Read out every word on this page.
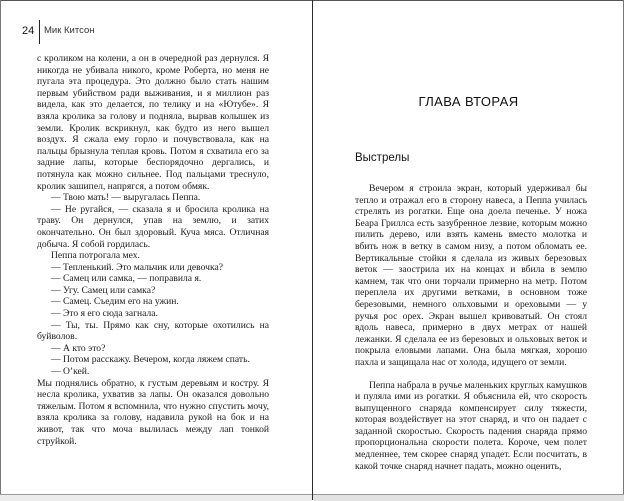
24 Мик Китсон

с кроликом на колени, а он в очередной раз дернулся. Я никогда не убивала никого, кроме Роберта, но меня не пугала эта процедура. Это должно было стать нашим первым убийством ради выживания, и я миллион раз видела, как это делается, по телику и на «Ютубе». Я взяла кролика за голову и подняла, вырвав колышек из земли. Кролик вскрикнул, как будто из него вышел воздух. Я сжала ему горло и почувствовала, как на пальцы брызнула теплая кровь. Потом я схватила его за задние лапы, которые беспорядочно дергались, и потянула как можно сильнее. Под пальцами треснуло, кролик зашипел, напрягся, а потом обмяк.

— Твою мать! — выругалась Пеппа.

— Не ругайся, — сказала я и бросила кролика на траву. Он дернулся, упав на землю, и затих окончательно. Он был здоровый. Куча мяса. Отличная добыча. Я собой гордилась.

Пеппа потрогала мех.

— Тепленький. Это мальчик или девочка?

— Самец или самка, — поправила я.

— Угу. Самец или самка?

— Самец. Съедим его на ужин.

— Это я его сюда загнала.

— Ты, ты. Прямо как сну, которые охотились на буйволов.

— А кто это?

— Потом расскажу. Вечером, когда ляжем спать.

— О’кей.

Мы поднялись обратно, к густым деревьям и костру. Я несла кролика, ухватив за лапы. Он оказался довольно тяжелым. Потом я вспомнила, что нужно спустить мочу, взяла кролика за голову, надавила рукой на бок и на живот, так что моча вылилась между лап тонкой струйкой.

ГЛАВА ВТОРАЯ
Выстрелы

Вечером я строила экран, который удерживал бы тепло и отражал его в сторону навеса, а Пеппа училась стрелять из рогатки. Еще она доела печенье. У ножа Беара Гриллса есть зазубренное лезвие, которым можно пилить дерево, или взять камень вместо молотка и вбить нож в ветку в самом низу, а потом обломать ее. Вертикальные стойки я сделала из живых березовых веток — заострила их на концах и вбила в землю камнем, так что они торчали примерно на метр. Потом переплела их другими ветками, в основном тоже березовыми, немного ольховыми и ореховыми — у ручья рос орех. Экран вышел кривоватый. Он стоял вдоль навеса, примерно в двух метрах от нашей лежанки. Я сделала ее из березовых и ольховых веток и покрыла еловыми лапами. Она была мягкая, хорошо пахла и защищала нас от холода, идущего от земли.

Пеппа набрала в ручье маленьких круглых камушков и пуляла ими из рогатки. Я объяснила ей, что скорость выпущенного снаряда компенсирует силу тяжести, которая воздействует на этот снаряд, и что он падает с заданной скоростью. Скорость падения снаряда прямо пропорциональна скорости полета. Короче, чем полет медленнее, тем скорее снаряд упадет. Если посчитать, в какой точке снаряд начнет падать, можно оценить,
